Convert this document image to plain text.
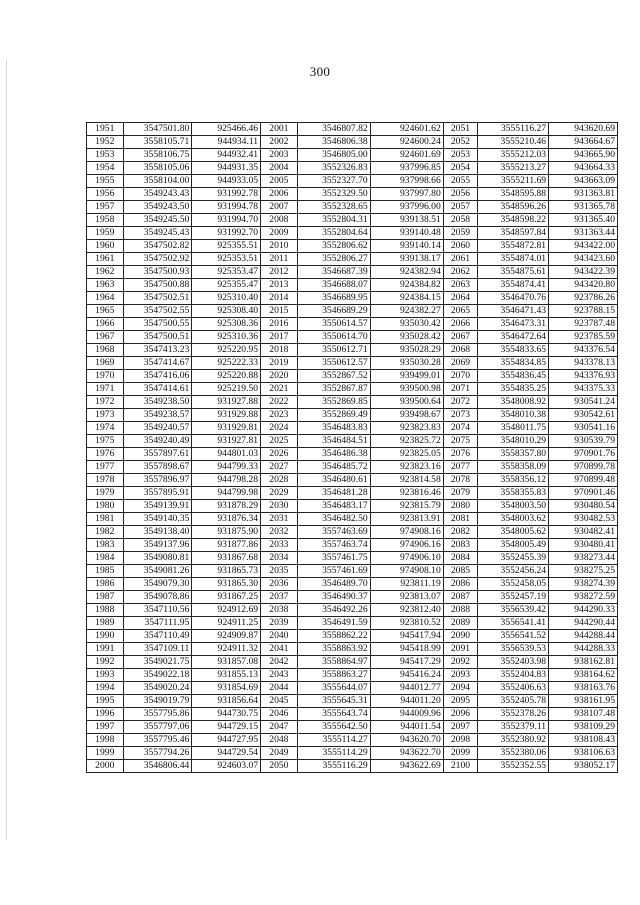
300
1951	3547501.80	925466.46	2001	3546807.82	924601.62	2051	3555116.27	943620.69
1952	3558105.71	944934.11	2002	3546806.38	924600.24	2052	3555210.46	943664.67
1953	3558106.75	944932.41	2003	3546805.00	924601.69	2053	3555212.03	943665.90
1954	3558105.06	944931.35	2004	3552326.83	937996.85	2054	3555213.27	943664.33
1955	3558104.00	944933.05	2005	3552327.70	937998.66	2055	3555211.69	943663.09
1956	3549243.43	931992.78	2006	3552329.50	937997.80	2056	3548595.88	931363.81
1957	3549243.50	931994.78	2007	3552328.65	937996.00	2057	3548596.26	931365.78
1958	3549245.50	931994.70	2008	3552804.31	939138.51	2058	3548598.22	931365.40
1959	3549245.43	931992.70	2009	3552804.64	939140.48	2059	3548597.84	931363.44
1960	3547502.82	925355.51	2010	3552806.62	939140.14	2060	3554872.81	943422.00
1961	3547502.92	925353.51	2011	3552806.27	939138.17	2061	3554874.01	943423.60
1962	3547500.93	925353.47	2012	3546687.39	924382.94	2062	3554875.61	943422.39
1963	3547500.88	925355.47	2013	3546688.07	924384.82	2063	3554874.41	943420.80
1964	3547502.51	925310.40	2014	3546689.95	924384.15	2064	3546470.76	923786.26
1965	3547502.55	925308.40	2015	3546689.29	924382.27	2065	3546471.43	923788.15
1966	3547500.55	925308.36	2016	3550614.57	935030.42	2066	3546473.31	923787.48
1967	3547500.51	925310.36	2017	3550614.70	935028.42	2067	3546472.64	923785.59
1968	3547413.23	925220.95	2018	3550612.71	935028.29	2068	3554833.65	943376.54
1969	3547414.67	925222.33	2019	3550612.57	935030.28	2069	3554834.85	943378.13
1970	3547416.06	925220.88	2020	3552867.52	939499.01	2070	3554836.45	943376.93
1971	3547414.61	925219.50	2021	3552867.87	939500.98	2071	3554835.25	943375.33
1972	3549238.50	931927.88	2022	3552869.85	939500.64	2072	3548008.92	930541.24
1973	3549238.57	931929.88	2023	3552869.49	939498.67	2073	3548010.38	930542.61
1974	3549240.57	931929.81	2024	3546483.83	923823.83	2074	3548011.75	930541.16
1975	3549240.49	931927.81	2025	3546484.51	923825.72	2075	3548010.29	930539.79
1976	3557897.61	944801.03	2026	3546486.38	923825.05	2076	3558357.80	970901.76
1977	3557898.67	944799.33	2027	3546485.72	923823.16	2077	3558358.09	970899.78
1978	3557896.97	944798.28	2028	3546480.61	923814.58	2078	3558356.12	970899.48
1979	3557895.91	944799.98	2029	3546481.28	923816.46	2079	3558355.83	970901.46
1980	3549139.91	931878.29	2030	3546483.17	923815.79	2080	3548003.50	930480.54
1981	3549140.35	931876.34	2031	3546482.50	923813.91	2081	3548003.62	930482.53
1982	3549138.40	931875.90	2032	3557463.69	974908.16	2082	3548005.62	930482.41
1983	3549137.96	931877.86	2033	3557463.74	974906.16	2083	3548005.49	930480.41
1984	3549080.81	931867.68	2034	3557461.75	974906.10	2084	3552455.39	938273.44
1985	3549081.26	931865.73	2035	3557461.69	974908.10	2085	3552456.24	938275.25
1986	3549079.30	931865.30	2036	3546489.70	923811.19	2086	3552458.05	938274.39
1987	3549078.86	931867.25	2037	3546490.37	923813.07	2087	3552457.19	938272.59
1988	3547110.56	924912.69	2038	3546492.26	923812.40	2088	3556539.42	944290.33
1989	3547111.95	924911.25	2039	3546491.59	923810.52	2089	3556541.41	944290.44
1990	3547110.49	924909.87	2040	3558862.22	945417.94	2090	3556541.52	944288.44
1991	3547109.11	924911.32	2041	3558863.92	945418.99	2091	3556539.53	944288.33
1992	3549021.75	931857.08	2042	3558864.97	945417.29	2092	3552403.98	938162.81
1993	3549022.18	931855.13	2043	3558863.27	945416.24	2093	3552404.83	938164.62
1994	3549020.24	931854.69	2044	3555644.07	944012.77	2094	3552406.63	938163.76
1995	3549019.79	931856.64	2045	3555645.31	944011.20	2095	3552405.78	938161.95
1996	3557795.86	944730.75	2046	3555643.74	944009.96	2096	3552378.26	938107.48
1997	3557797.06	944729.15	2047	3555642.50	944011.54	2097	3552379.11	938109.29
1998	3557795.46	944727.95	2048	3555114.27	943620.70	2098	3552380.92	938108.43
1999	3557794.26	944729.54	2049	3555114.29	943622.70	2099	3552380.06	938106.63
2000	3546806.44	924603.07	2050	3555116.29	943622.69	2100	3552352.55	938052.17
